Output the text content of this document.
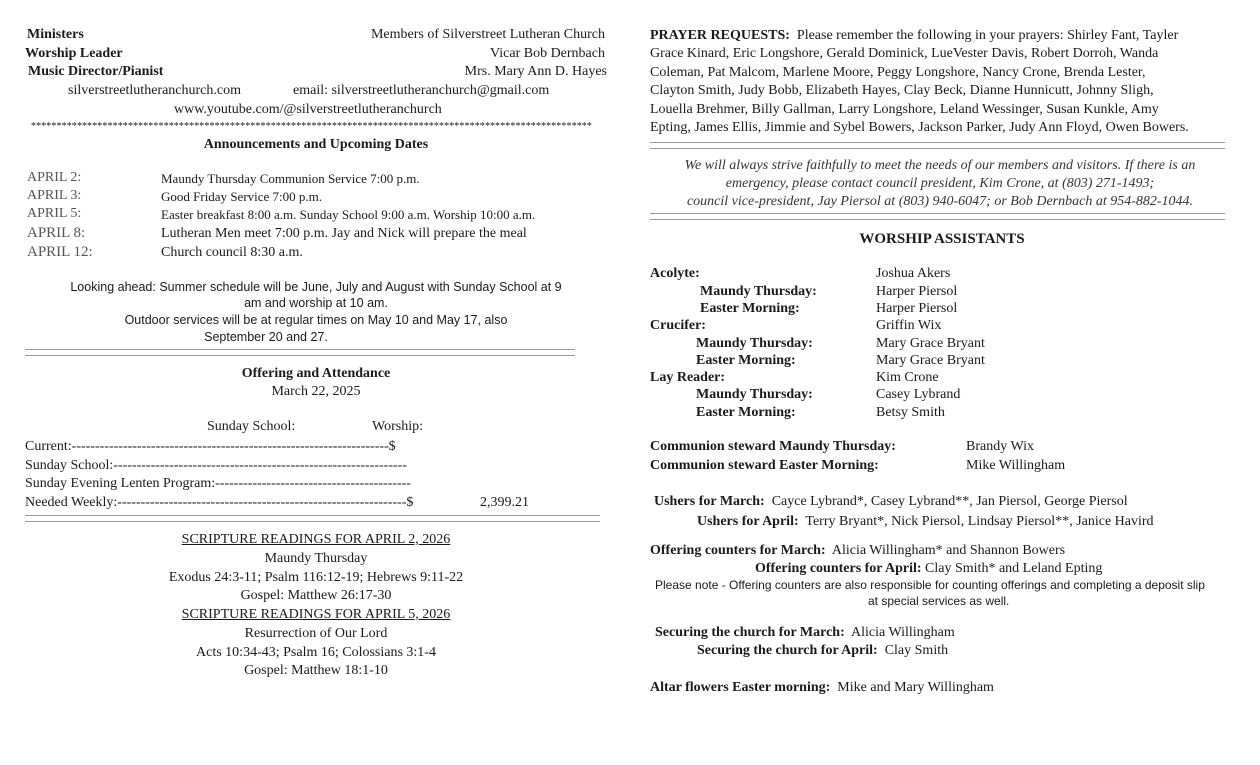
Ministers	Members of Silverstreet Lutheran Church
Worship Leader	Vicar Bob Dernbach
Music Director/Pianist	Mrs. Mary Ann D. Hayes
silverstreetlutheranchurch.com	email: silverstreetlutheranchurch@gmail.com
www.youtube.com/@silverstreetlutheranchurch
**************************************************************************************************************
Announcements and Upcoming Dates
APRIL 2:	Maundy Thursday Communion Service 7:00 p.m.
APRIL 3:	Good Friday Service 7:00 p.m.
APRIL 5:	Easter breakfast 8:00 a.m. Sunday School 9:00 a.m. Worship 10:00 a.m.
APRIL 8:	Lutheran Men meet 7:00 p.m. Jay and Nick will prepare the meal
APRIL 12:	Church council 8:30 a.m.
Looking ahead: Summer schedule will be June, July and August with Sunday School at 9
am and worship at 10 am.
Outdoor services will be at regular times on May 10 and May 17, also
September 20 and 27.
Offering and Attendance
March 22, 2025
Sunday School:	Worship:
Current:--------------------------------------------------------------------$
Sunday School:---------------------------------------------------------------
Sunday Evening Lenten Program:------------------------------------------
Needed Weekly:--------------------------------------------------------------$	2,399.21
SCRIPTURE READINGS FOR APRIL 2, 2026
Maundy Thursday
Exodus 24:3-11; Psalm 116:12-19; Hebrews 9:11-22
Gospel: Matthew 26:17-30
SCRIPTURE READINGS FOR APRIL 5, 2026
Resurrection of Our Lord
Acts 10:34-43; Psalm 16; Colossians 3:1-4
Gospel: Matthew 18:1-10
PRAYER REQUESTS: Please remember the following in your prayers: Shirley Fant, Tayler
Grace Kinard, Eric Longshore, Gerald Dominick, LueVester Davis, Robert Dorroh, Wanda
Coleman, Pat Malcom, Marlene Moore, Peggy Longshore, Nancy Crone, Brenda Lester,
Clayton Smith, Judy Bobb, Elizabeth Hayes, Clay Beck, Dianne Hunnicutt, Johnny Sligh,
Louella Brehmer, Billy Gallman, Larry Longshore, Leland Wessinger, Susan Kunkle, Amy
Epting, James Ellis, Jimmie and Sybel Bowers, Jackson Parker, Judy Ann Floyd, Owen Bowers.
We will always strive faithfully to meet the needs of our members and visitors. If there is an
emergency, please contact council president, Kim Crone, at (803) 271-1493;
council vice-president, Jay Piersol at (803) 940-6047; or Bob Dernbach at 954-882-1044.
WORSHIP ASSISTANTS
Acolyte:	Joshua Akers
Maundy Thursday:	Harper Piersol
Easter Morning:	Harper Piersol
Crucifer:	Griffin Wix
Maundy Thursday:	Mary Grace Bryant
Easter Morning:	Mary Grace Bryant
Lay Reader:	Kim Crone
Maundy Thursday:	Casey Lybrand
Easter Morning:	Betsy Smith
Communion steward Maundy Thursday:	Brandy Wix
Communion steward Easter Morning:	Mike Willingham
Ushers for March: Cayce Lybrand*, Casey Lybrand**, Jan Piersol, George Piersol
Ushers for April: Terry Bryant*, Nick Piersol, Lindsay Piersol**, Janice Havird
Offering counters for March: Alicia Willingham* and Shannon Bowers
Offering counters for April: Clay Smith* and Leland Epting
Please note - Offering counters are also responsible for counting offerings and completing a deposit slip
at special services as well.
Securing the church for March: Alicia Willingham
Securing the church for April: Clay Smith
Altar flowers Easter morning: Mike and Mary Willingham
